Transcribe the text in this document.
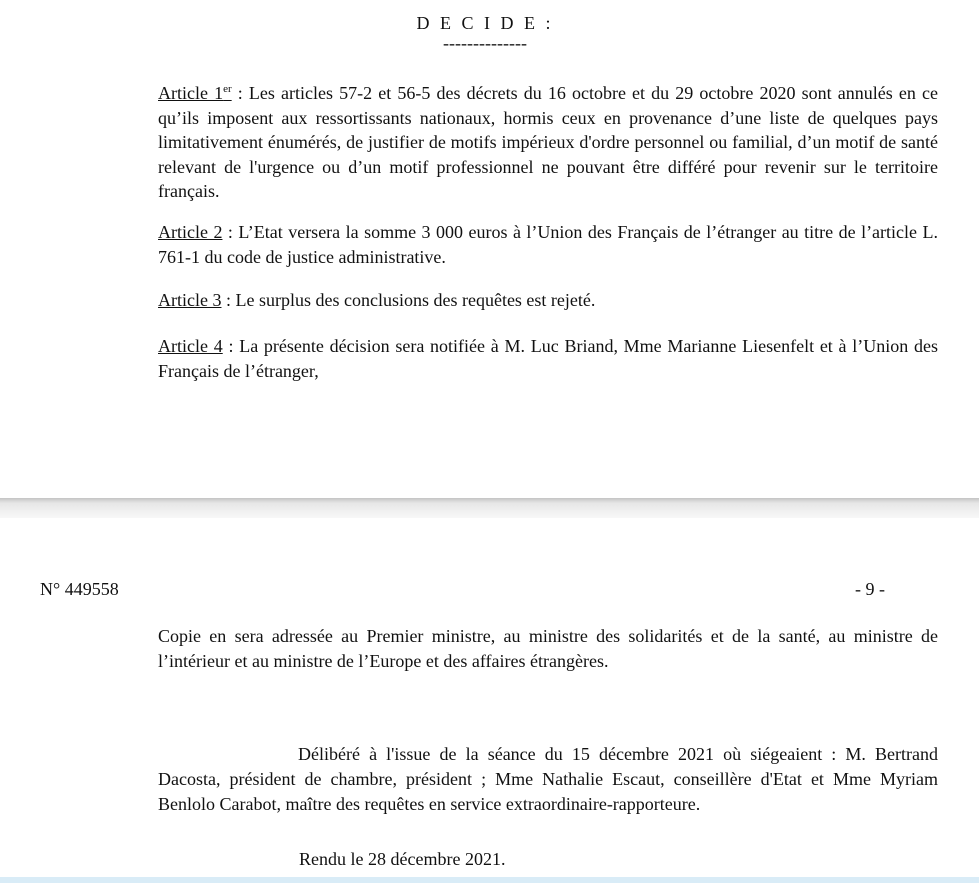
D E C I D E :
--------------

Article 1er : Les articles 57-2 et 56-5 des décrets du 16 octobre et du 29 octobre 2020 sont annulés en ce qu’ils imposent aux ressortissants nationaux, hormis ceux en provenance d’une liste de quelques pays limitativement énumérés, de justifier de motifs impérieux d'ordre personnel ou familial, d’un motif de santé relevant de l'urgence ou d’un motif professionnel ne pouvant être différé pour revenir sur le territoire français.

Article 2 : L’Etat versera la somme 3 000 euros à l’Union des Français de l’étranger au titre de l’article L. 761-1 du code de justice administrative.

Article 3 : Le surplus des conclusions des requêtes est rejeté.

Article 4 : La présente décision sera notifiée à M. Luc Briand, Mme Marianne Liesenfelt et à l’Union des Français de l’étranger,

N° 449558	- 9 -

Copie en sera adressée au Premier ministre, au ministre des solidarités et de la santé, au ministre de l’intérieur et au ministre de l’Europe et des affaires étrangères.

Délibéré à l'issue de la séance du 15 décembre 2021 où siégeaient : M. Bertrand Dacosta, président de chambre, président ; Mme Nathalie Escaut, conseillère d'Etat et Mme Myriam Benlolo Carabot, maître des requêtes en service extraordinaire-rapporteure.

Rendu le 28 décembre 2021.
